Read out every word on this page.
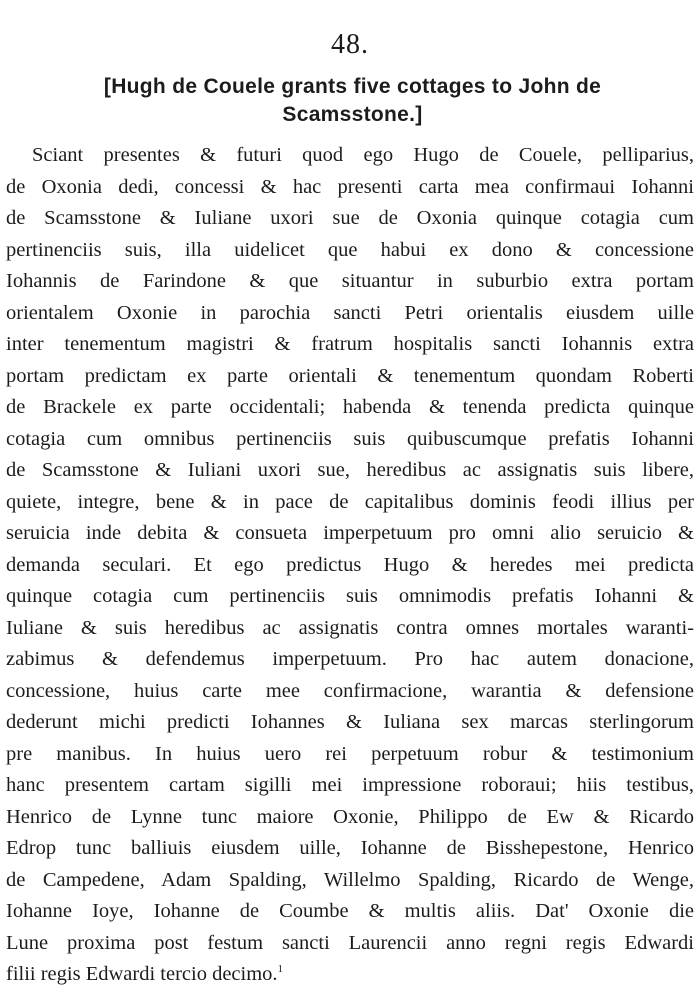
48.
[Hugh de Couele grants five cottages to John de
Scamsstone.]
Sciant presentes & futuri quod ego Hugo de Couele, pelliparius,
de Oxonia dedi, concessi & hac presenti carta mea confirmaui Iohanni
de Scamsstone & Iuliane uxori sue de Oxonia quinque cotagia cum
pertinenciis suis, illa uidelicet que habui ex dono & concessione
Iohannis de Farindone & que situantur in suburbio extra portam
orientalem Oxonie in parochia sancti Petri orientalis eiusdem uille
inter tenementum magistri & fratrum hospitalis sancti Iohannis extra
portam predictam ex parte orientali & tenementum quondam Roberti
de Brackele ex parte occidentali; habenda & tenenda predicta quinque
cotagia cum omnibus pertinenciis suis quibuscumque prefatis Iohanni
de Scamsstone & Iuliani uxori sue, heredibus ac assignatis suis libere,
quiete, integre, bene & in pace de capitalibus dominis feodi illius per
seruicia inde debita & consueta imperpetuum pro omni alio seruicio &
demanda seculari. Et ego predictus Hugo & heredes mei predicta
quinque cotagia cum pertinenciis suis omnimodis prefatis Iohanni &
Iuliane & suis heredibus ac assignatis contra omnes mortales waranti-
zabimus & defendemus imperpetuum. Pro hac autem donacione,
concessione, huius carte mee confirmacione, warantia & defensione
dederunt michi predicti Iohannes & Iuliana sex marcas sterlingorum
pre manibus. In huius uero rei perpetuum robur & testimonium
hanc presentem cartam sigilli mei impressione roboraui; hiis testibus,
Henrico de Lynne tunc maiore Oxonie, Philippo de Ew & Ricardo
Edrop tunc balliuis eiusdem uille, Iohanne de Bisshepestone, Henrico
de Campedene, Adam Spalding, Willelmo Spalding, Ricardo de Wenge,
Iohanne Ioye, Iohanne de Coumbe & multis aliis. Dat' Oxonie die
Lune proxima post festum sancti Laurencii anno regni regis Edwardi
filii regis Edwardi tercio decimo.$^1$
